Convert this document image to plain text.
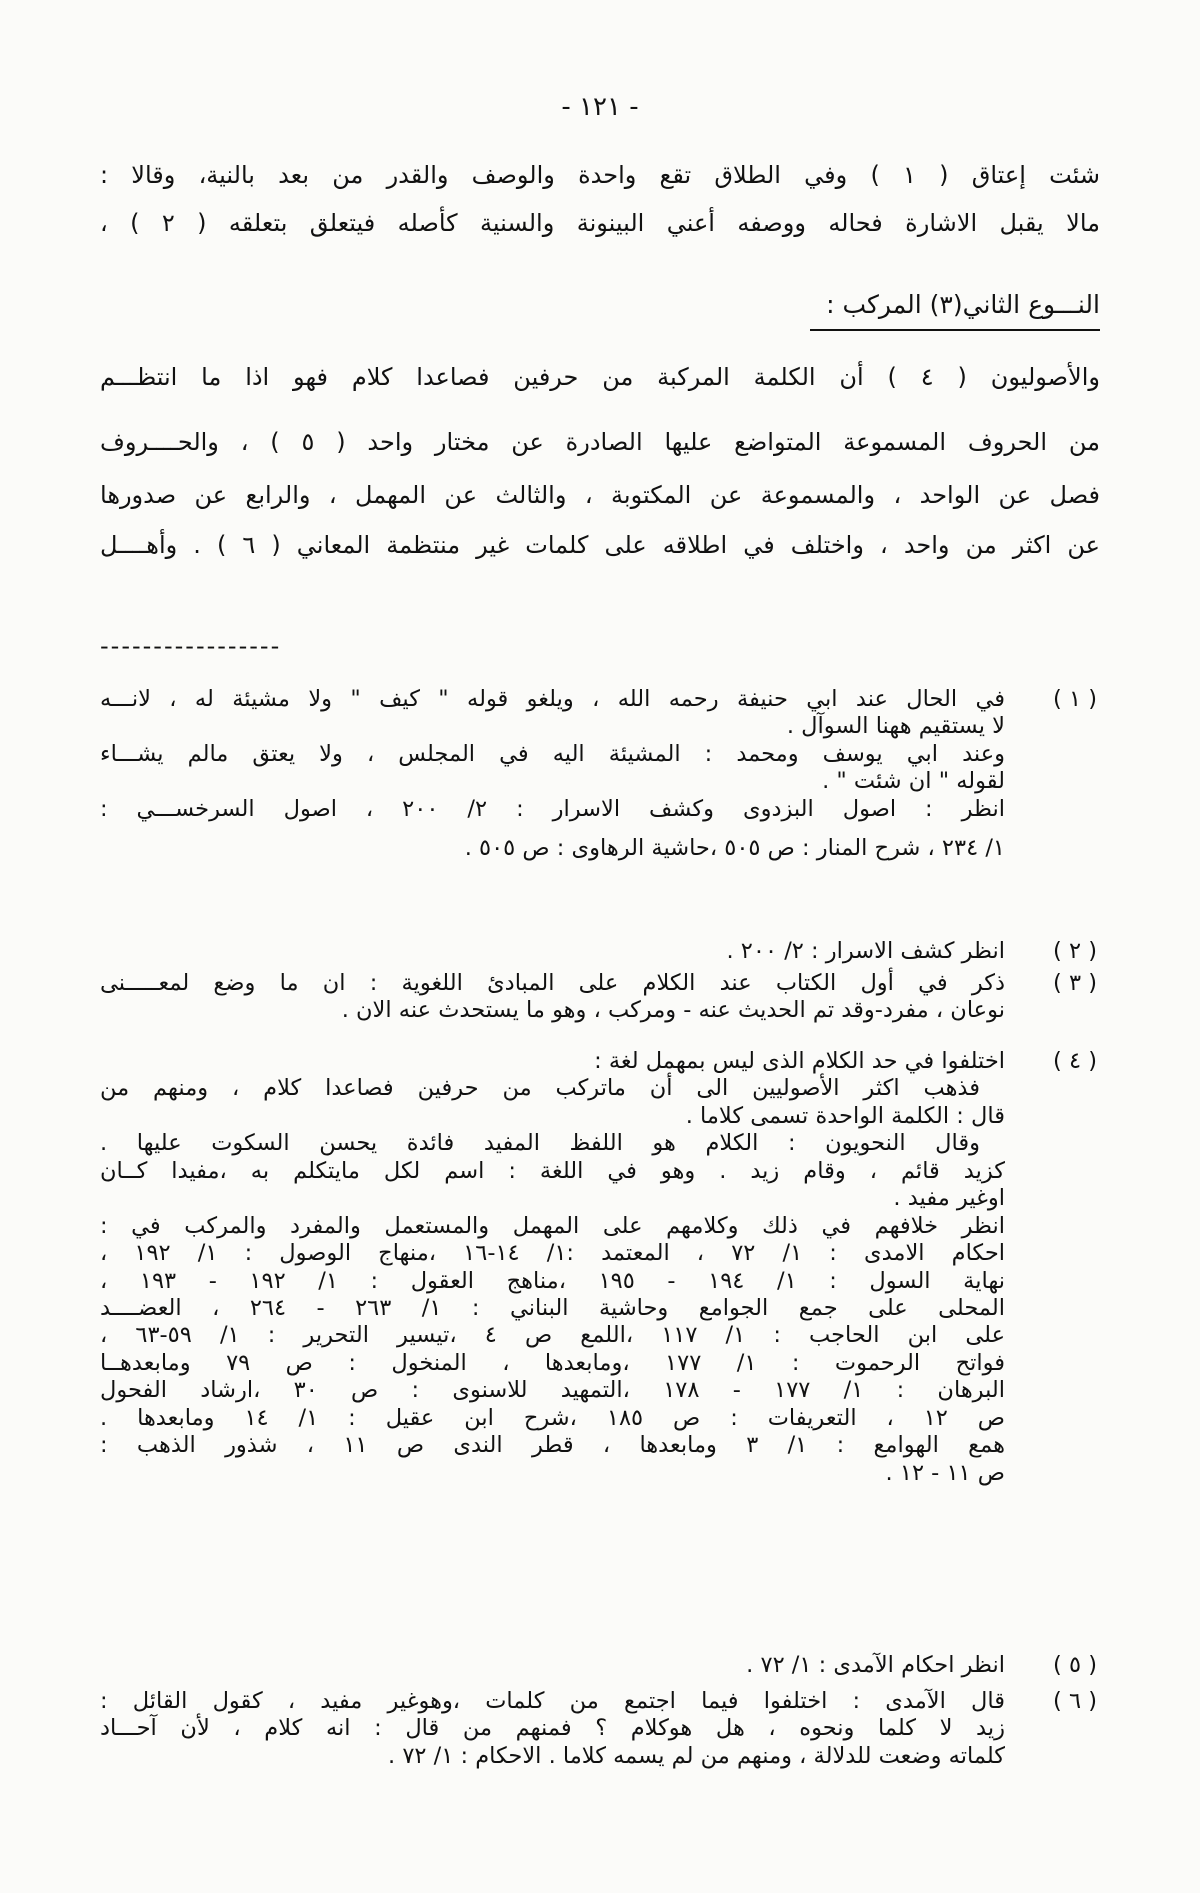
- ١٢١ -
شئت إعتاق ( ١ ) وفي الطلاق تقع واحدة والوصف والقدر من بعد بالنية، وقالا :
مالا يقبل الاشارة فحاله ووصفه أعني البينونة والسنية كأصله فيتعلق بتعلقه ( ٢ ) ،
النـــوع الثاني(٣) المركب :
والأصوليون ( ٤ ) أن الكلمة المركبة من حرفين فصاعدا كلام فهو اذا ما انتظـــم
من الحروف المسموعة المتواضع عليها الصادرة عن مختار واحد ( ٥ ) ، والحــــروف
فصل عن الواحد ، والمسموعة عن المكتوبة ، والثالث عن المهمل ، والرابع عن صدورها
عن اكثر من واحد ، واختلف في اطلاقه على كلمات غير منتظمة المعاني ( ٦ ) . وأهــــل
-----------------
( ١ )
في الحال عند ابي حنيفة رحمه الله ، ويلغو قوله " كيف " ولا مشيئة له ، لانـــه
لا يستقيم ههنا السوآل .
وعند ابي يوسف ومحمد : المشيئة اليه في المجلس ، ولا يعتق مالم يشـــاء
لقوله " ان شئت " .
انظر : اصول البزدوى وكشف الاسرار : ٢/ ٢٠٠ ، اصول السرخســـي :
١/ ٢٣٤ ، شرح المنار : ص ٥٠٥ ،حاشية الرهاوى : ص ٥٠٥ .
( ٢ )
انظر كشف الاسرار : ٢/ ٢٠٠ .
( ٣ )
ذكر في أول الكتاب عند الكلام على المبادئ اللغوية : ان ما وضع لمعـــــنى
نوعان ، مفرد-وقد تم الحديث عنه - ومركب ، وهو ما يستحدث عنه الان .
( ٤ )
اختلفوا في حد الكلام الذى ليس بمهمل لغة :
فذهب اكثر الأصوليين الى أن ماتركب من حرفين فصاعدا كلام ، ومنهم من
قال : الكلمة الواحدة تسمى كلاما .
وقال النحويون : الكلام هو اللفظ المفيد فائدة يحسن السكوت عليها .
كزيد قائم ، وقام زيد . وهو في اللغة : اسم لكل مايتكلم به ،مفيدا كــان
اوغير مفيد .
انظر خلافهم في ذلك وكلامهم على المهمل والمستعمل والمفرد والمركب في :
احكام الامدى : ١/ ٧٢ ، المعتمد :١/ ١٤-١٦ ،منهاج الوصول : ١/ ١٩٢ ،
نهاية السول : ١/ ١٩٤ - ١٩٥ ،مناهج العقول : ١/ ١٩٢ - ١٩٣ ،
المحلى على جمع الجوامع وحاشية البناني : ١/ ٢٦٣ - ٢٦٤ ، العضــــد
على ابن الحاجب : ١/ ١١٧ ،اللمع ص ٤ ،تيسير التحرير : ١/ ٥٩-٦٣ ،
فواتح الرحموت : ١/ ١٧٧ ،ومابعدها ، المنخول : ص ٧٩ ومابعدهــا
البرهان : ١/ ١٧٧ - ١٧٨ ،التمهيد للاسنوى : ص ٣٠ ،ارشاد الفحول
ص ١٢ ، التعريفات : ص ١٨٥ ،شرح ابن عقيل : ١/ ١٤ ومابعدها .
همع الهوامع : ١/ ٣ ومابعدها ، قطر الندى ص ١١ ، شذور الذهب :
ص ١١ - ١٢ .
( ٥ )
انظر احكام الآمدى : ١/ ٧٢ .
( ٦ )
قال الآمدى : اختلفوا فيما اجتمع من كلمات ،وهوغير مفيد ، كقول القائل :
زيد لا كلما ونحوه ، هل هوكلام ؟ فمنهم من قال : انه كلام ، لأن آحـــاد
كلماته وضعت للدلالة ، ومنهم من لم يسمه كلاما . الاحكام : ١/ ٧٢ .
